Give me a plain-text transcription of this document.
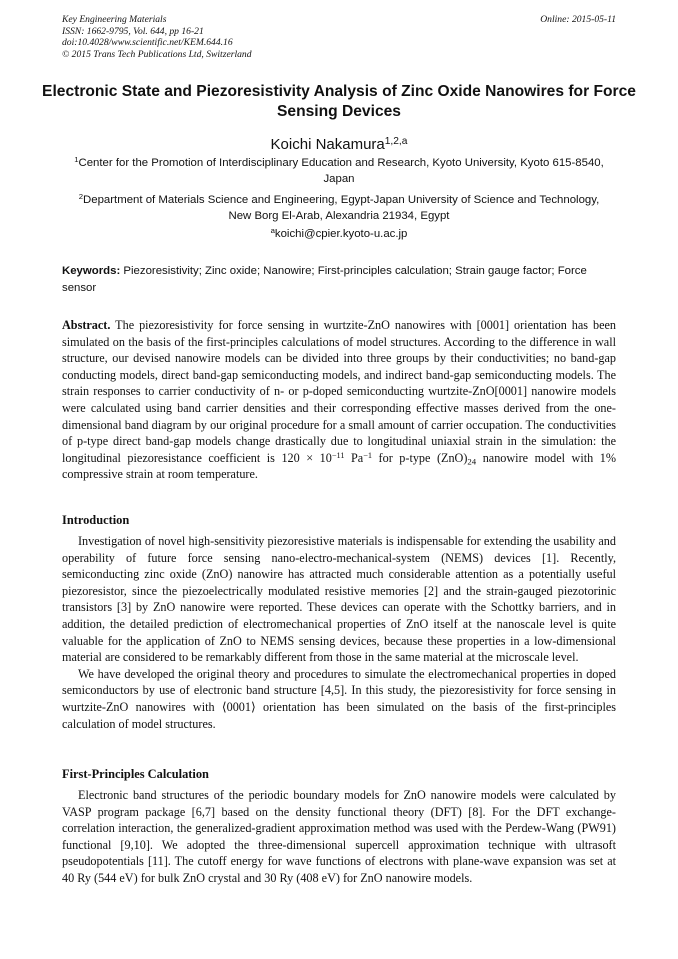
Key Engineering Materials
ISSN: 1662-9795, Vol. 644, pp 16-21
doi:10.4028/www.scientific.net/KEM.644.16
© 2015 Trans Tech Publications Ltd, Switzerland
Online: 2015-05-11
Electronic State and Piezoresistivity Analysis of Zinc Oxide Nanowires for Force Sensing Devices
Koichi Nakamura$^{1,2,a}$
$^1$Center for the Promotion of Interdisciplinary Education and Research, Kyoto University, Kyoto 615-8540, Japan
$^2$Department of Materials Science and Engineering, Egypt-Japan University of Science and Technology, New Borg El-Arab, Alexandria 21934, Egypt
$^a$koichi@cpier.kyoto-u.ac.jp
Keywords: Piezoresistivity; Zinc oxide; Nanowire; First-principles calculation; Strain gauge factor; Force sensor
Abstract. The piezoresistivity for force sensing in wurtzite-ZnO nanowires with [0001] orientation has been simulated on the basis of the first-principles calculations of model structures. According to the difference in wall structure, our devised nanowire models can be divided into three groups by their conductivities; no band-gap conducting models, direct band-gap semiconducting models, and indirect band-gap semiconducting models. The strain responses to carrier conductivity of n- or p-doped semiconducting wurtzite-ZnO[0001] nanowire models were calculated using band carrier densities and their corresponding effective masses derived from the one-dimensional band diagram by our original procedure for a small amount of carrier occupation. The conductivities of p-type direct band-gap models change drastically due to longitudinal uniaxial strain in the simulation: the longitudinal piezoresistance coefficient is $120 \times 10^{-11}$ $Pa^{-1}$ for p-type $(ZnO)_{24}$ nanowire model with 1% compressive strain at room temperature.
Introduction

Investigation of novel high-sensitivity piezoresistive materials is indispensable for extending the usability and operability of future force sensing nano-electro-mechanical-system (NEMS) devices [1]. Recently, semiconducting zinc oxide (ZnO) nanowire has attracted much considerable attention as a potentially useful piezoresistor, since the piezoelectrically modulated resistive memories [2] and the strain-gauged piezotorinic transistors [3] by ZnO nanowire were reported. These devices can operate with the Schottky barriers, and in addition, the detailed prediction of electromechanical properties of ZnO itself at the nanoscale level is quite valuable for the application of ZnO to NEMS sensing devices, because these properties in a low-dimensional material are considered to be remarkably different from those in the same material at the microscale level.

We have developed the original theory and procedures to simulate the electromechanical properties in doped semiconductors by use of electronic band structure [4,5]. In this study, the piezoresistivity for force sensing in wurtzite-ZnO nanowires with ⟨0001⟩ orientation has been simulated on the basis of the first-principles calculation of model structures.

First-Principles Calculation

Electronic band structures of the periodic boundary models for ZnO nanowire models were calculated by VASP program package [6,7] based on the density functional theory (DFT) [8]. For the DFT exchange-correlation interaction, the generalized-gradient approximation method was used with the Perdew-Wang (PW91) functional [9,10]. We adopted the three-dimensional supercell approximation technique with ultrasoft pseudopotentials [11]. The cutoff energy for wave functions of electrons with plane-wave expansion was set at 40 Ry (544 eV) for bulk ZnO crystal and 30 Ry (408 eV) for ZnO nanowire models.
